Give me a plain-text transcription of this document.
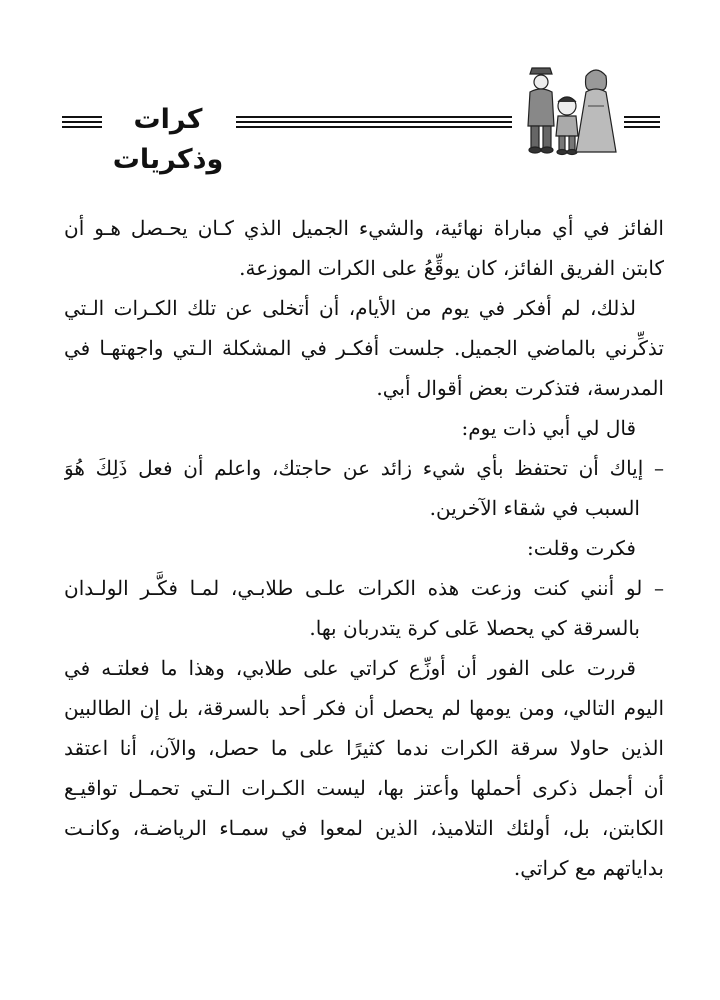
كرات وذكريات
الفائز في أي مباراة نهائية، والشيء الجميل الذي كـان يحـصل هـو أن
كابتن الفريق الفائز، كان يوقِّعُ على الكرات الموزعة.
لذلك، لم أفكر في يوم من الأيام، أن أتخلى عن تلك الكـرات الـتي
تذكِّرني بالماضي الجميل. جلست أفكـر في المشكلة الـتي واجهتهـا في
المدرسة، فتذكرت بعض أقوال أبي.
قال لي أبي ذات يوم:
– إياك أن تحتفظ بأي شيء زائد عن حاجتك، واعلم أن فعل ذَلِكَ هُوَ
السبب في شقاء الآخرين.
فكرت وقلت:
– لو أنني كنت وزعت هذه الكرات علـى طلابـي، لمـا فكَّـر الولـدان
بالسرقة كي يحصلا عَلى كرة يتدربان بها.
قررت على الفور أن أوزِّع كراتي على طلابي، وهذا ما فعلتـه في
اليوم التالي، ومن يومها لم يحصل أن فكر أحد بالسرقة، بل إن الطالبين
الذين حاولا سرقة الكرات ندما كثيرًا على ما حصل، والآن، أنا اعتقد
أن أجمل ذكرى أحملها وأعتز بها، ليست الكـرات الـتي تحمـل تواقيـع
الكابتن، بل، أولئك التلاميذ، الذين لمعوا في سمـاء الرياضـة، وكانـت
بداياتهم مع كراتي.
